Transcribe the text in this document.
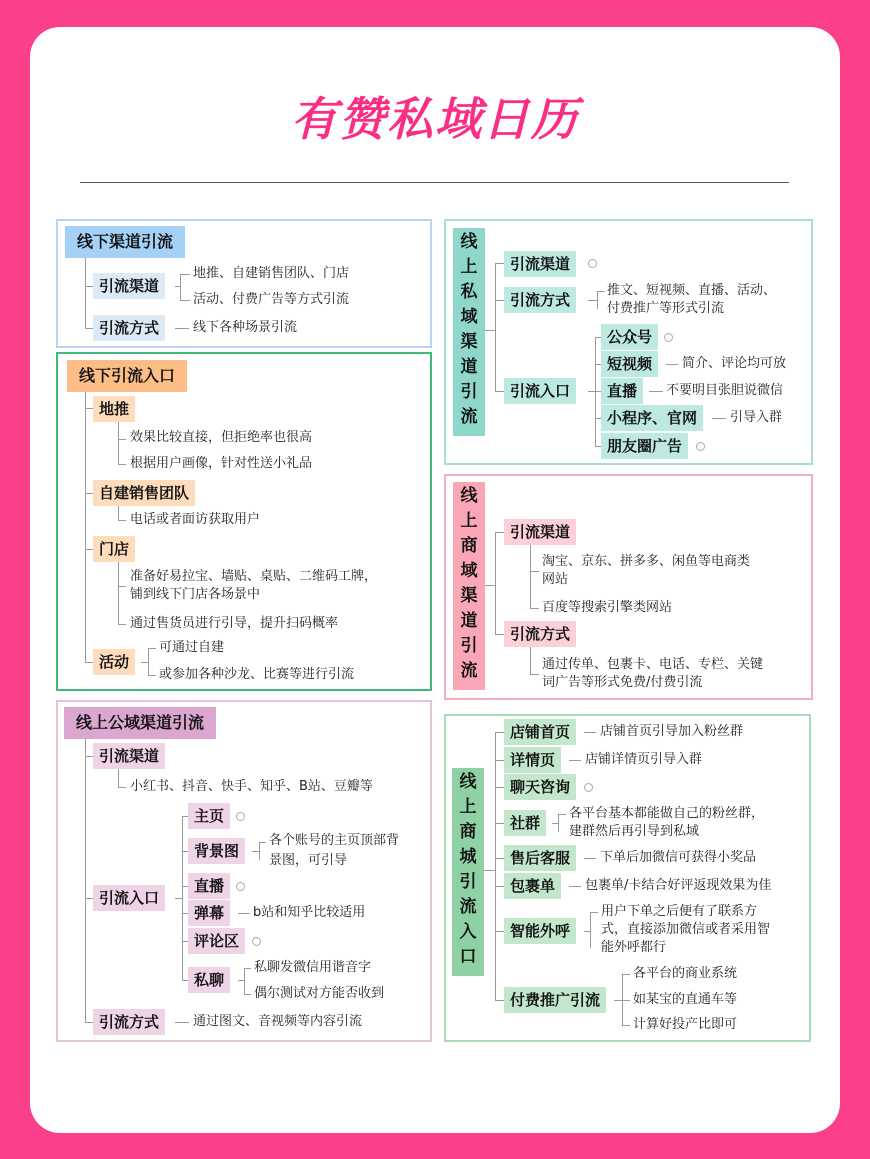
有赞私域日历
线下渠道引流
引流渠道
地推、自建销售团队、门店
活动、付费广告等方式引流
引流方式	线下各种场景引流
线下引流入口
地推
效果比较直接，但拒绝率也很高
根据用户画像，针对性送小礼品
自建销售团队
电话或者面访获取用户
门店
准备好易拉宝、墙贴、桌贴、二维码工牌，
铺到线下门店各场景中
通过售货员进行引导，提升扫码概率
活动
可通过自建
或参加各种沙龙、比赛等进行引流
线上公域渠道引流
引流渠道
小红书、抖音、快手、知乎、B站、豆瓣等
引流入口
主页
背景图
各个账号的主页顶部背
景图，可引导
直播
弹幕	b站和知乎比较适用
评论区
私聊
私聊发微信用谐音字
偶尔测试对方能否收到
引流方式	通过图文、音视频等内容引流
线
上
私
域
渠
道
引
流
引流渠道
引流方式
推文、短视频、直播、活动、
付费推广等形式引流
引流入口
公众号
短视频	简介、评论均可放
直播	不要明目张胆说微信
小程序、官网	引导入群
朋友圈广告
线
上
商
域
渠
道
引
流
引流渠道
淘宝、京东、拼多多、闲鱼等电商类
网站
百度等搜索引擎类网站
引流方式
通过传单、包裹卡、电话、专栏、关键
词广告等形式免费/付费引流
线
上
商
城
引
流
入
口
店铺首页	店铺首页引导加入粉丝群
详情页	店铺详情页引导入群
聊天咨询
社群
各平台基本都能做自己的粉丝群，
建群然后再引导到私域
售后客服	下单后加微信可获得小奖品
包裹单	包裹单/卡结合好评返现效果为佳
智能外呼
用户下单之后便有了联系方
式，直接添加微信或者采用智
能外呼都行
付费推广引流
各平台的商业系统
如某宝的直通车等
计算好投产比即可
